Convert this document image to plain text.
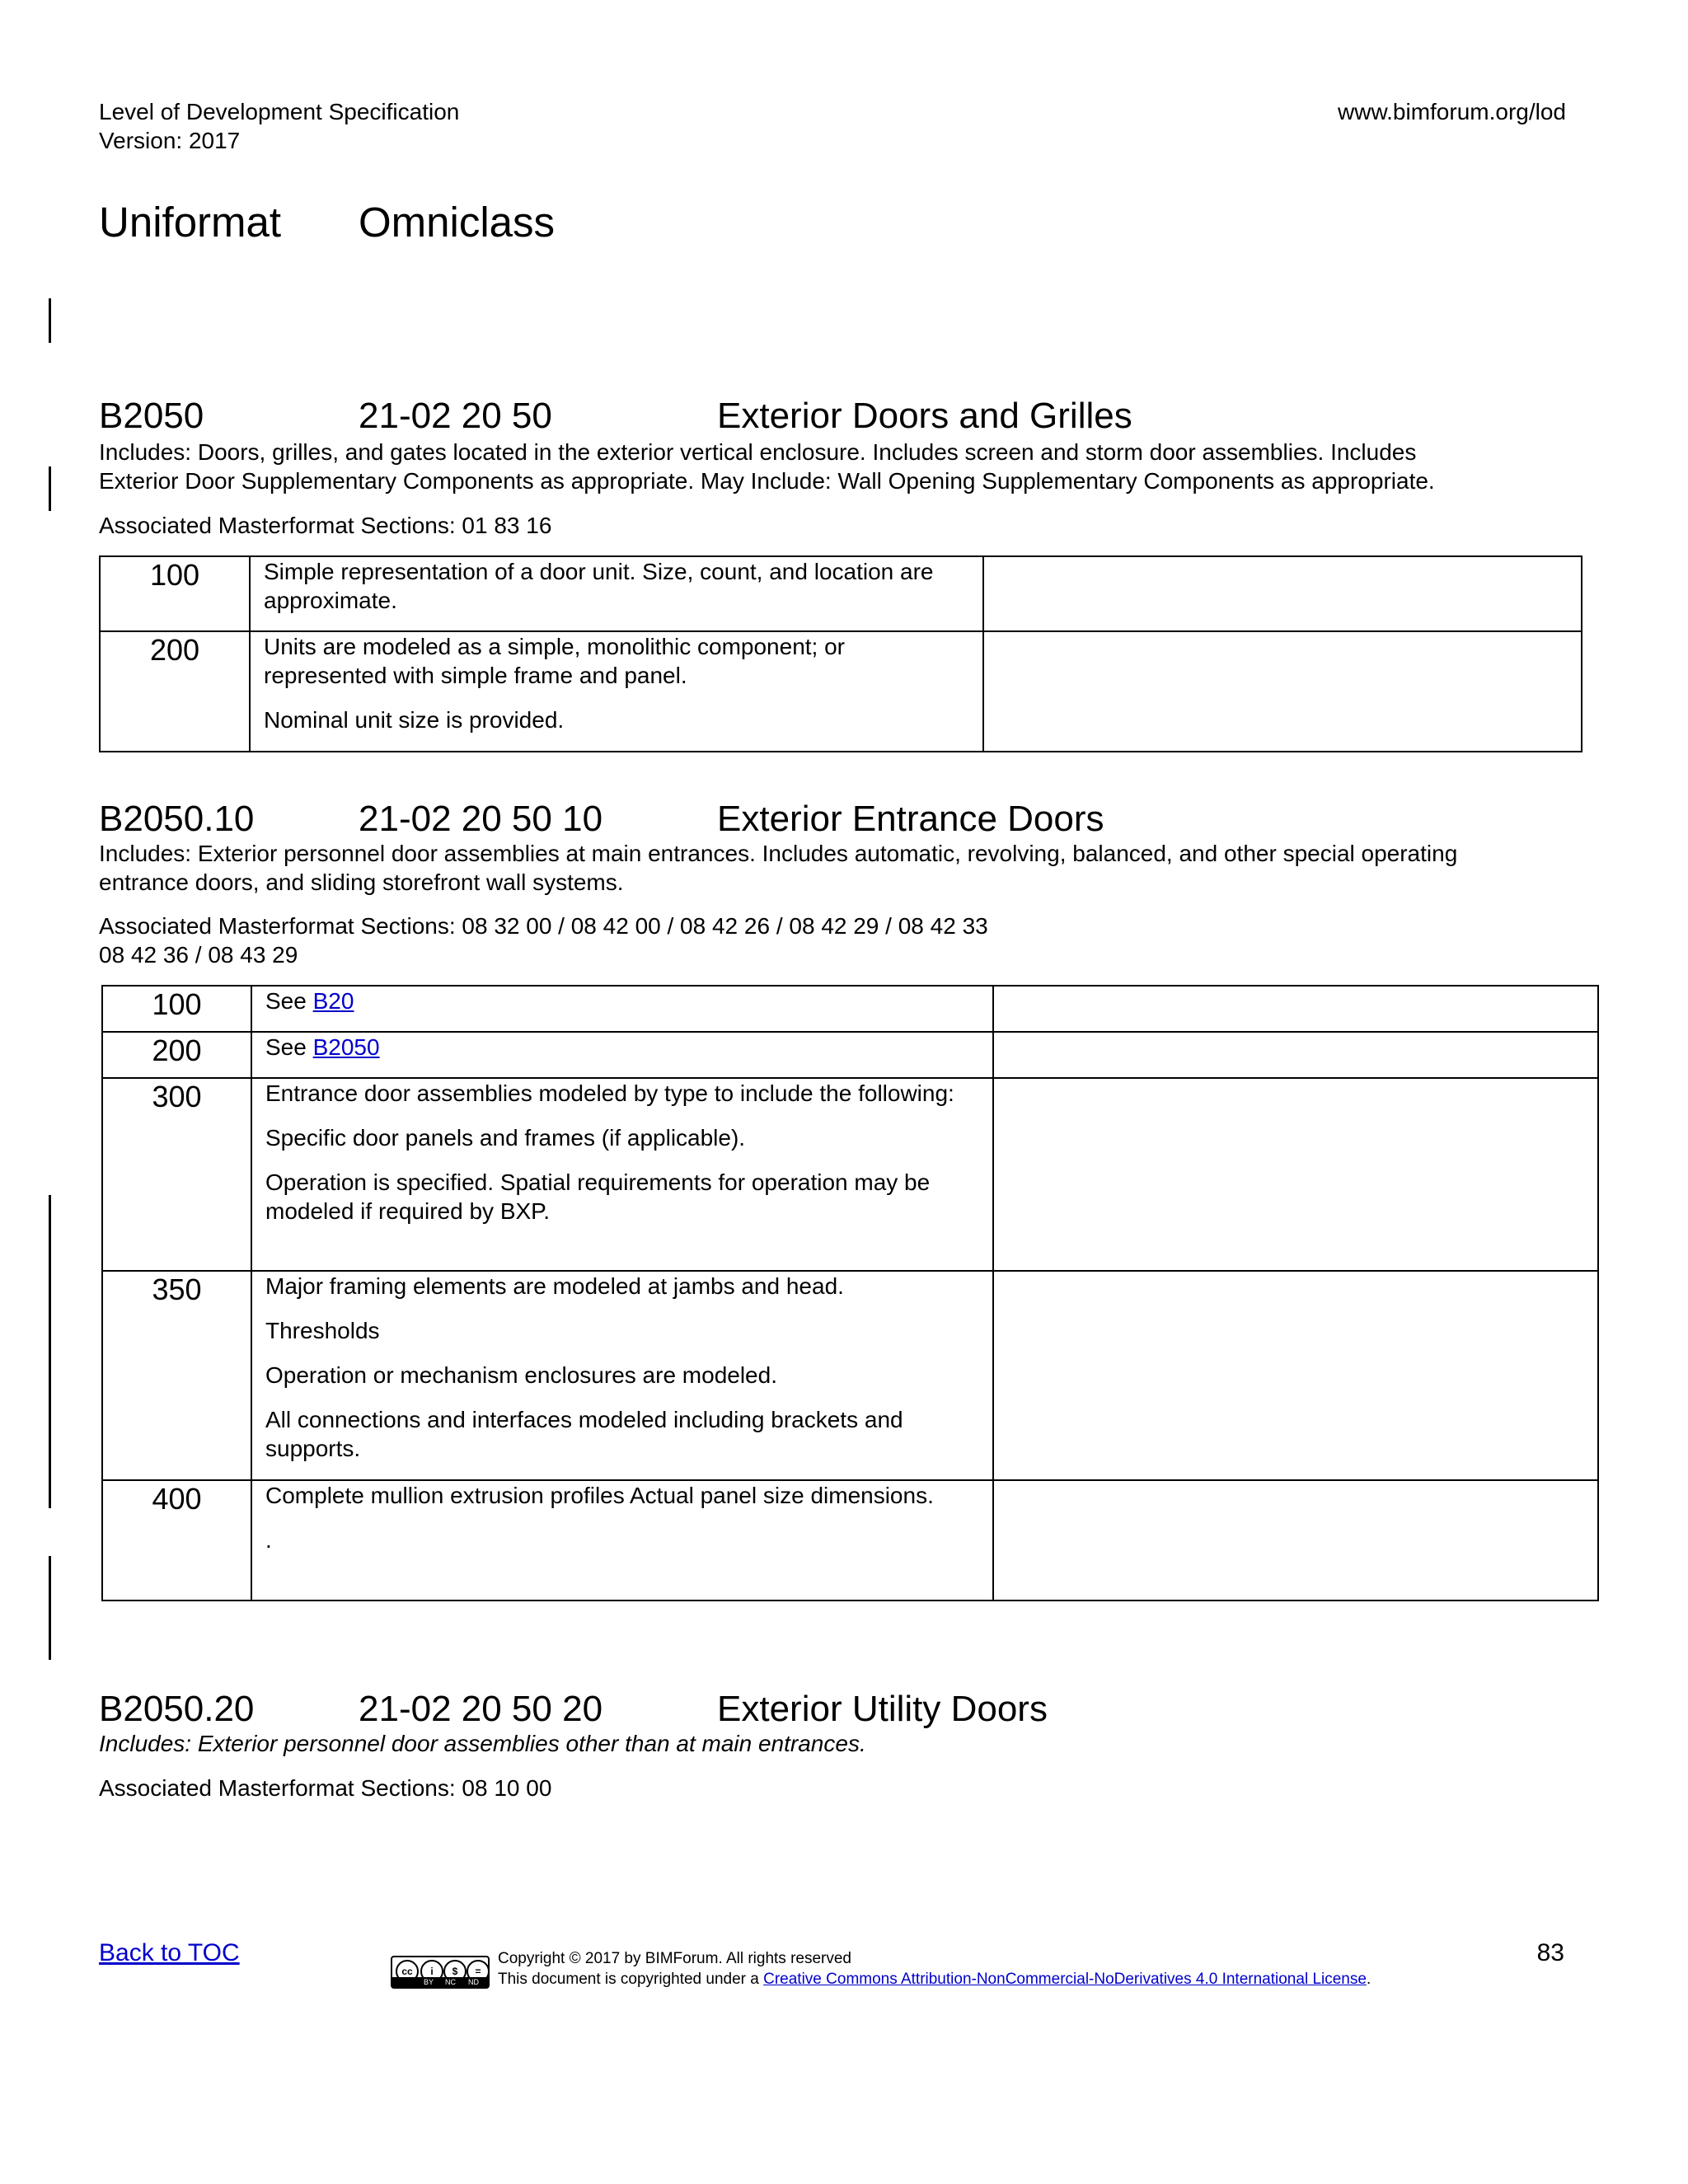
Level of Development Specification
Version: 2017
www.bimforum.org/lod
Uniformat Omniclass
B2050	21-02 20 50	Exterior Doors and Grilles
Includes: Doors, grilles, and gates located in the exterior vertical enclosure. Includes screen and storm door assemblies. Includes
Exterior Door Supplementary Components as appropriate. May Include: Wall Opening Supplementary Components as appropriate.
Associated Masterformat Sections: 01 83 16
100	Simple representation of a door unit. Size, count, and location are approximate.	

200	Units are modeled as a simple, monolithic component; or represented with simple frame and panel.

Nominal unit size is provided.	

B2050.10	21-02 20 50 10	Exterior Entrance Doors
Includes: Exterior personnel door assemblies at main entrances. Includes automatic, revolving, balanced, and other special operating
entrance doors, and sliding storefront wall systems.
Associated Masterformat Sections: 08 32 00 / 08 42 00 / 08 42 26 / 08 42 29 / 08 42 33
08 42 36 / 08 43 29
100	See B20	
200	See B2050	
300	Entrance door assemblies modeled by type to include the following:

Specific door panels and frames (if applicable).

Operation is specified. Spatial requirements for operation may be modeled if required by BXP.	

350	Major framing elements are modeled at jambs and head.

Thresholds

Operation or mechanism enclosures are modeled.

All connections and interfaces modeled including brackets and supports.	

400	Complete mullion extrusion profiles Actual panel size dimensions.

.	

B2050.20	21-02 20 50 20	Exterior Utility Doors
Includes: Exterior personnel door assemblies other than at main entrances.
Associated Masterformat Sections: 08 10 00
Back to TOC
cc	i	$	=
BY NC ND
Copyright © 2017 by BIMForum. All rights reserved
This document is copyrighted under a Creative Commons Attribution-NonCommercial-NoDerivatives 4.0 International License.
83
